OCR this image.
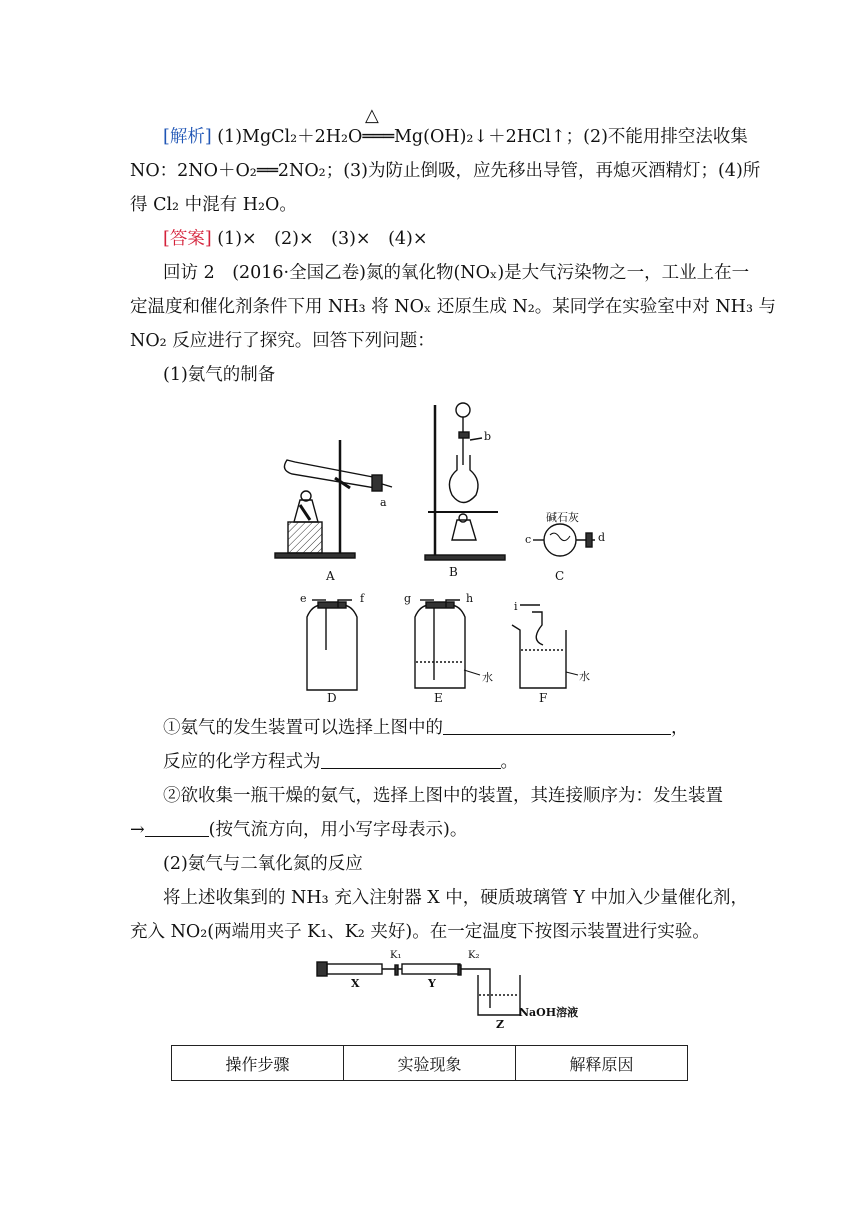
△
[解析] (1)MgCl₂＋2H₂O═══Mg(OH)₂↓＋2HCl↑；(2)不能用排空法收集
NO：2NO＋O₂══2NO₂；(3)为防止倒吸，应先移出导管，再熄灭酒精灯；(4)所
得 Cl₂ 中混有 H₂O。
[答案] (1)×　(2)×　(3)×　(4)×
回访 2　(2016·全国乙卷)氮的氧化物(NOₓ)是大气污染物之一，工业上在一
定温度和催化剂条件下用 NH₃ 将 NOₓ 还原生成 N₂。某同学在实验室中对 NH₃ 与
NO₂ 反应进行了探究。回答下列问题：
(1)氨气的制备
A	B	C
D	E	F
a
b
c	d
e	f	g	h
i
碱石灰
水	水
①氨气的发生装置可以选择上图中的	，
反应的化学方程式为	。
②欲收集一瓶干燥的氨气，选择上图中的装置，其连接顺序为：发生装置
→	(按气流方向，用小写字母表示)。
(2)氨气与二氧化氮的反应
将上述收集到的 NH₃ 充入注射器 X 中，硬质玻璃管 Y 中加入少量催化剂，
充入 NO₂(两端用夹子 K₁、K₂ 夹好)。在一定温度下按图示装置进行实验。
X	Y
Z
K₁	K₂
NaOH溶液
操作步骤	实验现象	解释原因
